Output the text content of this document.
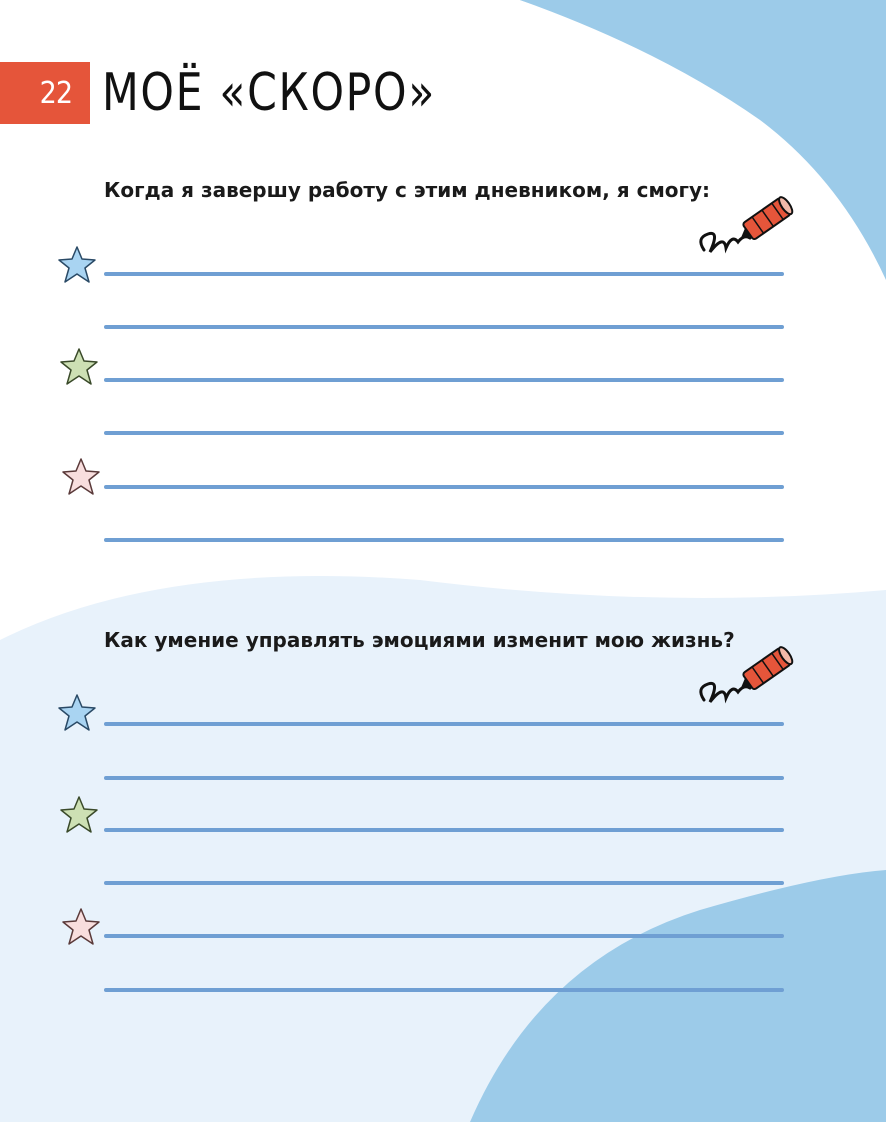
22 МОЁ «СКОРО»

Когда я завершу работу с этим дневником, я смогу:

Как умение управлять эмоциями изменит мою жизнь?
